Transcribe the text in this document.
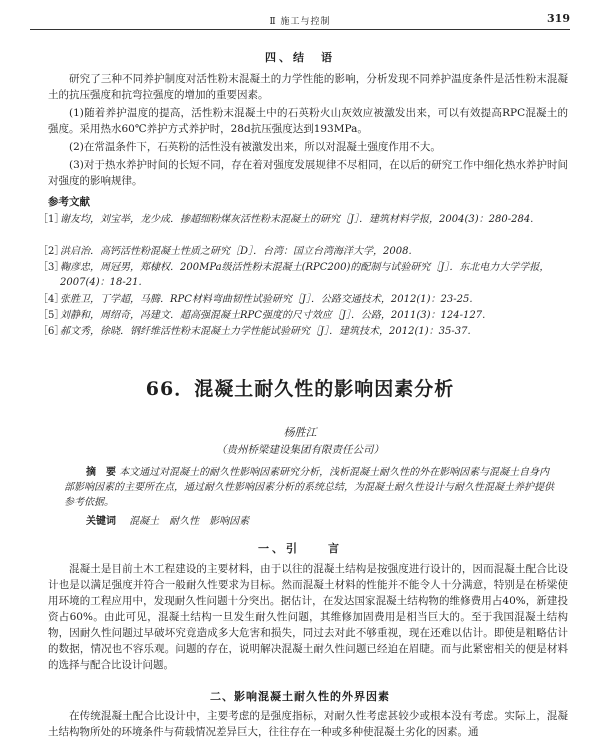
Ⅱ 施工与控制	319
四、结　语
研究了三种不同养护制度对活性粉末混凝土的力学性能的影响，分析发现不同养护温度条件是活性粉末混凝土的抗压强度和抗弯拉强度的增加的重要因素。
(1)随着养护温度的提高，活性粉末混凝土中的石英粉火山灰效应被激发出来，可以有效提高RPC混凝土的强度。采用热水60℃养护方式养护时，28d抗压强度达到193MPa。
(2)在常温条件下，石英粉的活性没有被激发出来，所以对混凝土强度作用不大。
(3)对于热水养护时间的长短不同，存在着对强度发展规律不尽相同，在以后的研究工作中细化热水养护时间对强度的影响规律。
参考文献
［1］
谢友均，刘宝举，龙少成．掺超细粉煤灰活性粉末混凝土的研究［J］．建筑材料学报，2004(3)：280-284.
［2］
洪启治．高钙活性粉混凝土性质之研究［D］．台湾：国立台湾海洋大学，2008.
［3］
鞠彦忠，周冠男，郑棣权．200MPa级活性粉末混凝土(RPC200)的配制与试验研究［J］．东北电力大学学报，2007(4)：18-21.
［4］
张胜卫，丁学超，马腾．RPC材料弯曲韧性试验研究［J］．公路交通技术，2012(1)：23-25.
［5］
刘静和，周绍奇，冯建文．超高强混凝土RPC强度的尺寸效应［J］．公路，2011(3)：124-127.
［6］
郝文秀，徐晓．钢纤维活性粉末混凝土力学性能试验研究［J］．建筑技术，2012(1)：35-37.
66．混凝土耐久性的影响因素分析
杨胜江
（贵州桥梁建设集团有限责任公司）
摘　要 本文通过对混凝土的耐久性影响因素研究分析，浅析混凝土耐久性的外在影响因素与混凝土自身内部影响因素的主要所在点，通过耐久性影响因素分析的系统总结，为混凝土耐久性设计与耐久性混凝土养护提供参考依据。
关键词　 混凝土　耐久性　影响因素
一、引　　言
混凝土是目前土木工程建设的主要材料，由于以往的混凝土结构是按强度进行设计的，因而混凝土配合比设计也是以满足强度并符合一般耐久性要求为目标。然而混凝土材料的性能并不能令人十分满意，特别是在桥梁使用环境的工程应用中，发现耐久性问题十分突出。据估计，在发达国家混凝土结构物的维修费用占40%，新建投资占60%。由此可见，混凝土结构一旦发生耐久性问题，其维修加固费用是相当巨大的。至于我国混凝土结构物，因耐久性问题过早破坏究竟造成多大危害和损失，同过去对此不够重视，现在还难以估计。即使是粗略估计的数据，情况也不容乐观。问题的存在，说明解决混凝土耐久性问题已经迫在眉睫。而与此紧密相关的便是材料的选择与配合比设计问题。
二、影响混凝土耐久性的外界因素
在传统混凝土配合比设计中，主要考虑的是强度指标，对耐久性考虑甚较少或根本没有考虑。实际上，混凝土结构物所处的环境条件与荷载情况差异巨大，往往存在一种或多种使混凝土劣化的因素。通
